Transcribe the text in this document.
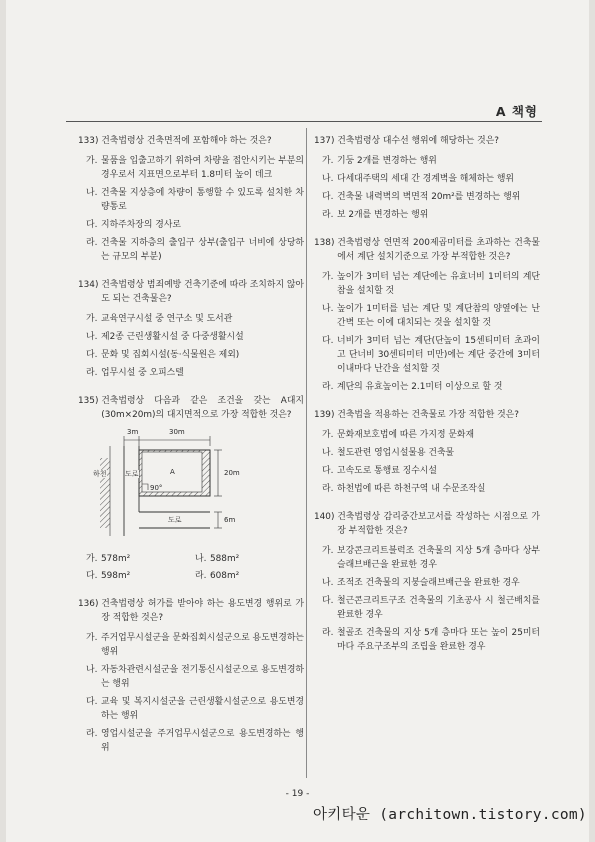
A 책형
133)
건축법령상 건축면적에 포함해야 하는 것은?
가. 물품을 입출고하기 위하여 차량을 접안시키는 부분의 경우로서 지표면으로부터 1.8미터 높이 데크
나. 건축물 지상층에 차량이 통행할 수 있도록 설치한 차량통로
다. 지하주차장의 경사로
라. 건축물 지하층의 출입구 상부(출입구 너비에 상당하는 규모의 부분)
134)
건축법령상 범죄예방 건축기준에 따라 조치하지 않아도 되는 건축물은?
가. 교육연구시설 중 연구소 및 도서관
나. 제2종 근린생활시설 중 다중생활시설
다. 문화 및 집회시설(동·식물원은 제외)
라. 업무시설 중 오피스텔
135)
건축법령상 다음과 같은 조건을 갖는 A대지 (30m×20m)의 대지면적으로 가장 적합한 것은?
3m	30m
20m
6m
하천	도로	A
90°
도로
가. 578m²	나. 588m²
다. 598m²	라. 608m²
136)
건축법령상 허가를 받아야 하는 용도변경 행위로 가장 적합한 것은?
가. 주거업무시설군을 문화집회시설군으로 용도변경하는 행위
나. 자동차관련시설군을 전기통신시설군으로 용도변경하는 행위
다. 교육 및 복지시설군을 근린생활시설군으로 용도변경하는 행위
라. 영업시설군을 주거업무시설군으로 용도변경하는 행위
137)
건축법령상 대수선 행위에 해당하는 것은?
가. 기둥 2개를 변경하는 행위
나. 다세대주택의 세대 간 경계벽을 해체하는 행위
다. 건축물 내력벽의 벽면적 20m²를 변경하는 행위
라. 보 2개를 변경하는 행위
138)
건축법령상 연면적 200제곱미터를 초과하는 건축물에서 계단 설치기준으로 가장 부적합한 것은?
가. 높이가 3미터 넘는 계단에는 유효너비 1미터의 계단참을 설치할 것
나. 높이가 1미터를 넘는 계단 및 계단참의 양옆에는 난간벽 또는 이에 대치되는 것을 설치할 것
다. 너비가 3미터 넘는 계단(단높이 15센티미터 초과이고 단너비 30센티미터 미만)에는 계단 중간에 3미터 이내마다 난간을 설치할 것
라. 계단의 유효높이는 2.1미터 이상으로 할 것
139)
건축법을 적용하는 건축물로 가장 적합한 것은?
가. 문화재보호법에 따른 가지정 문화재
나. 철도관련 영업시설물용 건축물
다. 고속도로 통행료 징수시설
라. 하천법에 따른 하천구역 내 수문조작실
140)
건축법령상 감리중간보고서를 작성하는 시점으로 가장 부적합한 것은?
가. 보강콘크리트블럭조 건축물의 지상 5개 층마다 상부 슬래브배근을 완료한 경우
나. 조적조 건축물의 지붕슬래브배근을 완료한 경우
다. 철근콘크리트구조 건축물의 기초공사 시 철근배치를 완료한 경우
라. 철골조 건축물의 지상 5개 층마다 또는 높이 25미터마다 주요구조부의 조립을 완료한 경우
- 19 -
아키타운 (architown.tistory.com)
